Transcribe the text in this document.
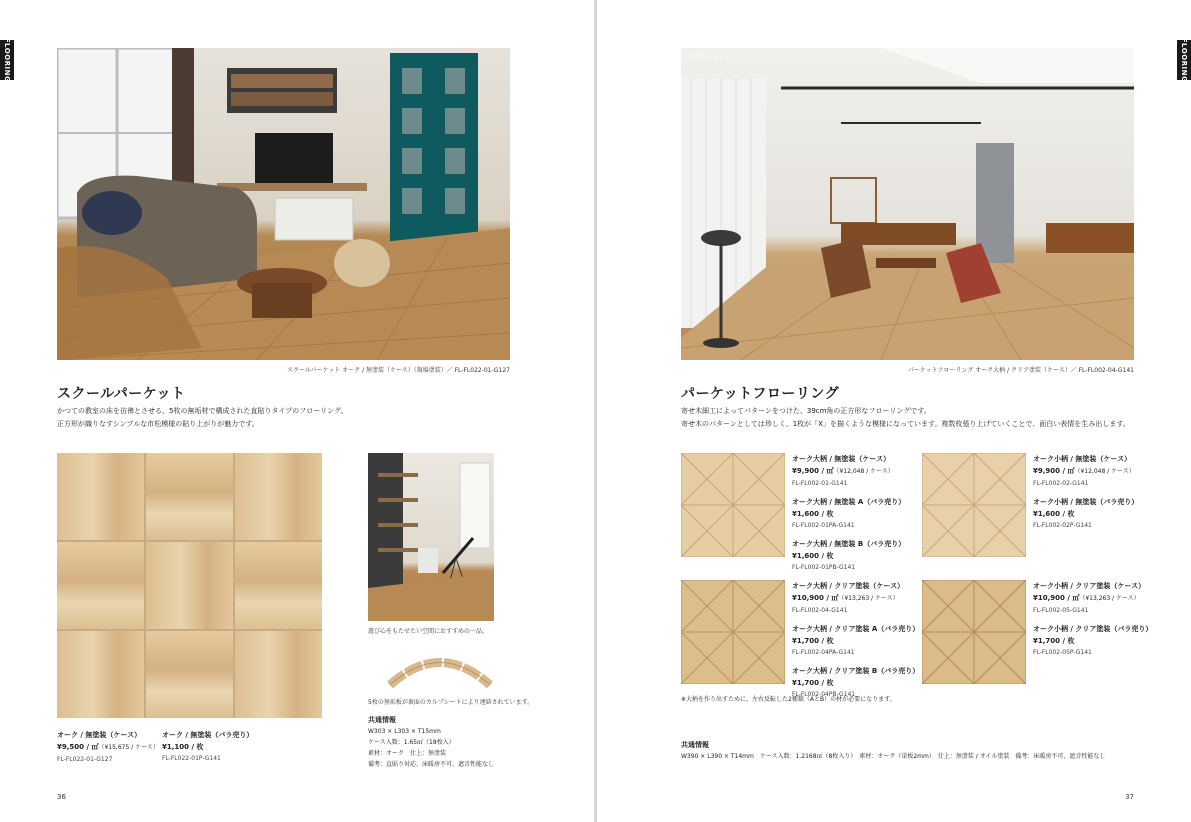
FLOORING
スクールパーケット オーク / 無塗装（ケース）（現場塗装）／ FL-FL022-01-G127
スクールパーケット
かつての教室の床を彷彿とさせる、5枚の無垢材で構成された直貼りタイプのフローリング。
正方形が織りなすシンプルな市松模様の貼り上がりが魅力です。
遊び心をもたせたい空間におすすめの一品。
5枚の無垢板が裏面のカルプシートにより連結されています。
共通情報
W303 × L303 × T15mm
ケース入数：1.65㎡（18枚入）
素材：オーク　仕上：無塗装
備考：直貼り対応、床暖房不可、遮音性能なし
オーク / 無塗装（ケース）
¥9,500 / ㎡（¥15,675 / ケース）
FL-FL022-01-G127
オーク / 無塗装（バラ売り）
¥1,100 / 枚
FL-FL022-01P-G141
36
FLOORING
写真提供：ゼロリノベ
パーケットフローリング オーク大柄 / クリア塗装（ケース）／ FL-FL002-04-G141
パーケットフローリング
寄せ木細工によってパターンをつけた、39cm角の正方形なフローリングです。
寄せ木のパターンとしては珍しく、1枚が「X」を描くような模様になっています。複数枚張り上げていくことで、面白い表情を生み出します。
オーク大柄 / 無塗装（ケース）
¥9,900 / ㎡（¥12,048 / ケース）
FL-FL002-01-G141
オーク大柄 / 無塗装 A（バラ売り）
¥1,600 / 枚
FL-FL002-01PA-G141
オーク大柄 / 無塗装 B（バラ売り）
¥1,600 / 枚
FL-FL002-01PB-G141
オーク小柄 / 無塗装（ケース）
¥9,900 / ㎡（¥12,048 / ケース）
FL-FL002-02-G141
オーク小柄 / 無塗装（バラ売り）
¥1,600 / 枚
FL-FL002-02P-G141
オーク大柄 / クリア塗装（ケース）
¥10,900 / ㎡（¥13,263 / ケース）
FL-FL002-04-G141
オーク大柄 / クリア塗装 A（バラ売り）
¥1,700 / 枚
FL-FL002-04PA-G141
オーク大柄 / クリア塗装 B（バラ売り）
¥1,700 / 枚
FL-FL002-04PB-G141
オーク小柄 / クリア塗装（ケース）
¥10,900 / ㎡（¥13,263 / ケース）
FL-FL002-05-G141
オーク小柄 / クリア塗装（バラ売り）
¥1,700 / 枚
FL-FL002-05P-G141
※大柄を作り出すために、左右反転した2種類（AとB）の材が必要になります。
共通情報
W390 × L390 × T14mm　ケース入数：1.2168㎡（8枚入り）　素材：オーク（単板2mm）　仕上：無塗装 / オイル塗装　備考：床暖房不可、遮音性能なし
37
